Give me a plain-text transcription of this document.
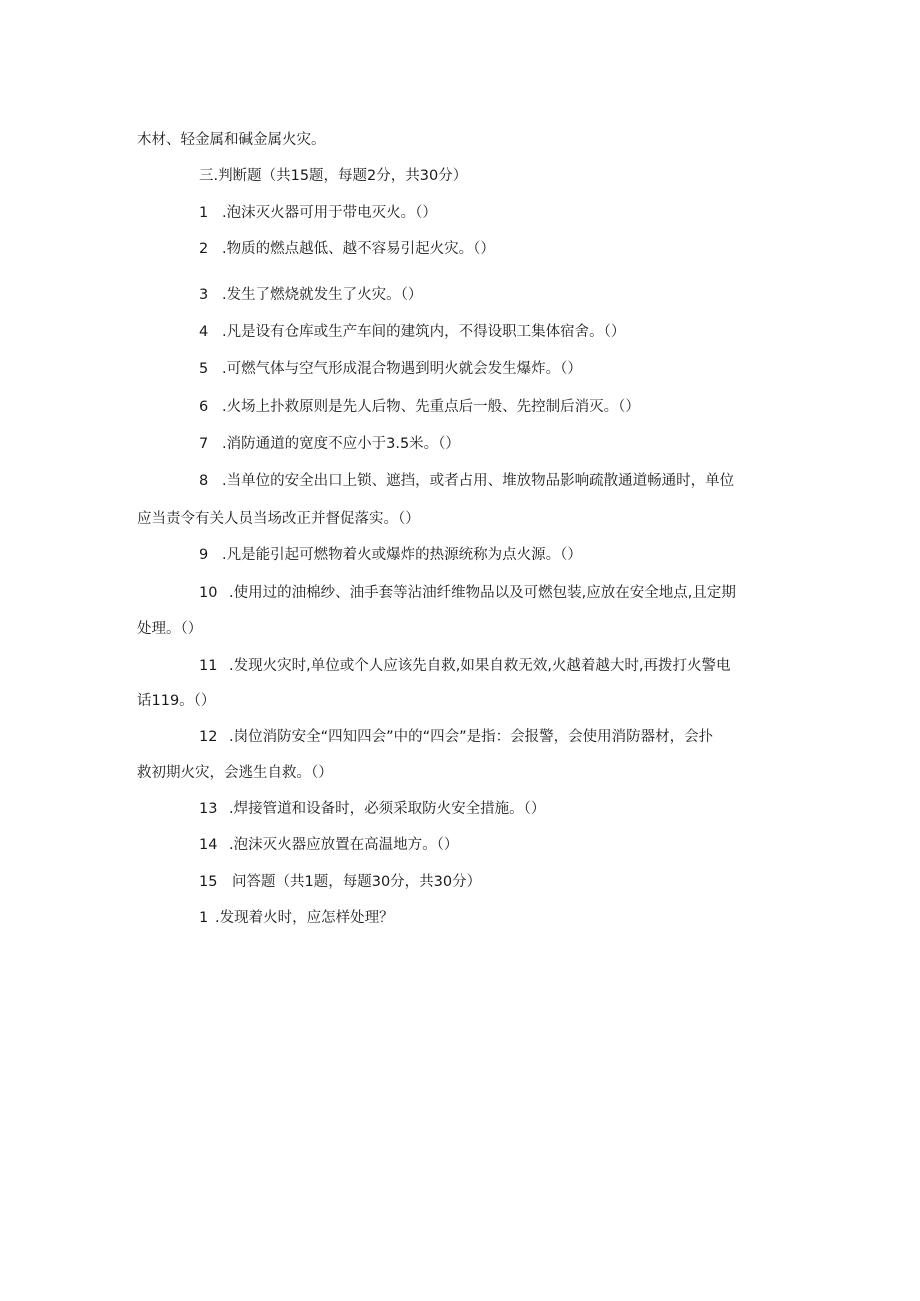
木材、轻金属和碱金属火灾。
三.判断题（共15题，每题2分，共30分）
1 .泡沫灭火器可用于带电灭火。（）
2 .物质的燃点越低、越不容易引起火灾。（）
3 .发生了燃烧就发生了火灾。（）
4 .凡是设有仓库或生产车间的建筑内，不得设职工集体宿舍。（）
5 .可燃气体与空气形成混合物遇到明火就会发生爆炸。（）
6 .火场上扑救原则是先人后物、先重点后一般、先控制后消灭。（）
7 .消防通道的宽度不应小于3.5米。（）
8 .当单位的安全出口上锁、遮挡，或者占用、堆放物品影响疏散通道畅通时，单位
应当责令有关人员当场改正并督促落实。（）
9 .凡是能引起可燃物着火或爆炸的热源统称为点火源。（）
10 .使用过的油棉纱、油手套等沾油纤维物品以及可燃包装,应放在安全地点,且定期
处理。（）
11 .发现火灾时,单位或个人应该先自救,如果自救无效,火越着越大时,再拨打火警电
话119。（）
12 .岗位消防安全“四知四会”中的“四会”是指：会报警，会使用消防器材，会扑
救初期火灾，会逃生自救。（）
13 .焊接管道和设备时，必须采取防火安全措施。（）
14 .泡沫灭火器应放置在高温地方。（）
15 问答题（共1题，每题30分，共30分）
1 .发现着火时，应怎样处理？
